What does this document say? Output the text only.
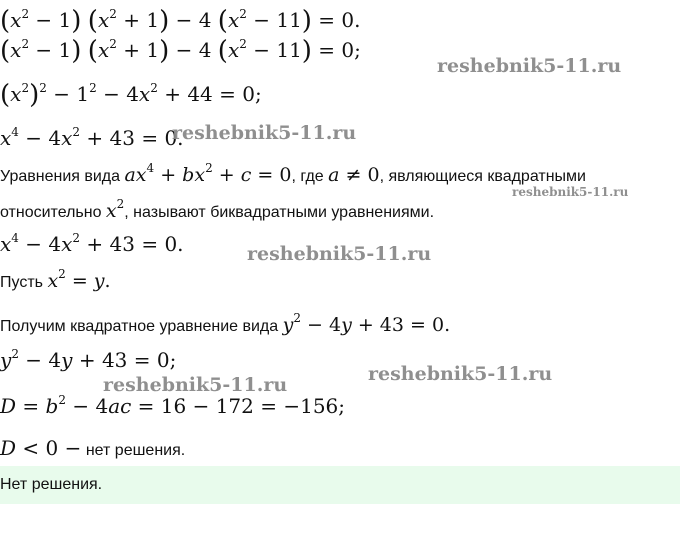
$(x^2 - 1) (x^2 + 1) - 4$ $(x^2 - 11) = 0$.
$(x^2 - 1) (x^2 + 1) - 4$ $(x^2 - 11) = 0$;
$(x^2)^2 - 1^2 - 4x^2 + 44 = 0$;
$x^4 - 4x^2 + 43 = 0$.
Уравнения вида $ax^4 + bx^2 + c = 0$, где a ≠ 0, являющиеся квадратными
относительно $x^2$, называют биквадратными уравнениями.
$x^4 - 4x^2 + 43 = 0$.
Пусть $x^2 = y$.
Получим квадратное уравнение вида $y^2 - 4y + 43 = 0$.
$y^2 - 4y + 43 = 0$;
$D = b^2 - 4ac = 16 - 172 = -156$;
D < 0 − нет решения.
Нет решения.
reshebnik5-11.ru
reshebnik5-11.ru
reshebnik5-11.ru
reshebnik5-11.ru
reshebnik5-11.ru
reshebnik5-11.ru
